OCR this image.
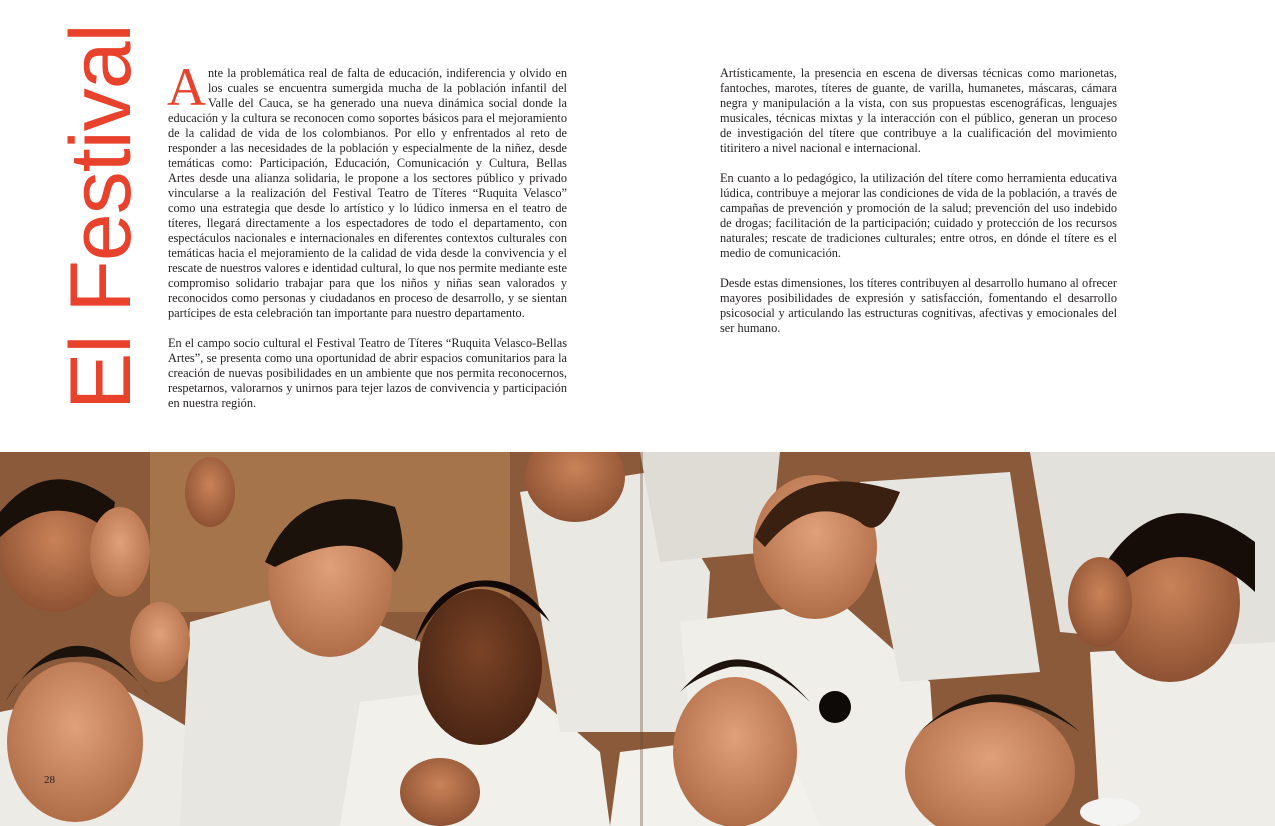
El Festival Ante la problemática real de falta de educación, indiferencia y olvido en los cuales se encuentra sumergida mucha de la población infantil del Valle del Cauca, se ha generado una nueva dinámica social donde la educación y la cultura se reconocen como soportes básicos para el mejoramiento de la calidad de vida de los colombianos. Por ello y enfrentados al reto de responder a las necesidades de la población y especialmente de la niñez, desde temáticas como: Participación, Educación, Comunicación y Cultura, Bellas Artes desde una alianza solidaria, le propone a los sectores público y privado vincularse a la realización del Festival Teatro de Títeres “Ruquita Velasco” como una estrategia que desde lo artístico y lo lúdico inmersa en el teatro de títeres, llegará directamente a los espectadores de todo el departamento, con espectáculos nacionales e internacionales en diferentes contextos culturales con temáticas hacia el mejoramiento de la calidad de vida desde la convivencia y el rescate de nuestros valores e identidad cultural, lo que nos permite mediante este compromiso solidario trabajar para que los niños y niñas sean valorados y reconocidos como personas y ciudadanos en proceso de desarrollo, y se sientan partícipes de esta celebración tan importante para nuestro departamento.

En el campo socio cultural el Festival Teatro de Títeres “Ruquita Velasco-Bellas Artes”, se presenta como una oportunidad de abrir espacios comunitarios para la creación de nuevas posibilidades en un ambiente que nos permita reconocernos, respetarnos, valorarnos y unirnos para tejer lazos de convivencia y participación en nuestra región.

Artísticamente, la presencia en escena de diversas técnicas como marionetas, fantoches, marotes, títeres de guante, de varilla, humanetes, máscaras, cámara negra y manipulación a la vista, con sus propuestas escenográficas, lenguajes musicales, técnicas mixtas y la interacción con el público, generan un proceso de investigación del títere que contribuye a la cualificación del movimiento titiritero a nivel nacional e internacional.

En cuanto a lo pedagógico, la utilización del títere como herramienta educativa lúdica, contribuye a mejorar las condiciones de vida de la población, a través de campañas de prevención y promoción de la salud; prevención del uso indebido de drogas; facilitación de la participación; cuidado y protección de los recursos naturales; rescate de tradiciones culturales; entre otros, en dónde el títere es el medio de comunicación.

Desde estas dimensiones, los títeres contribuyen al desarrollo humano al ofrecer mayores posibilidades de expresión y satisfacción, fomentando el desarrollo psicosocial y articulando las estructuras cognitivas, afectivas y emocionales del ser humano.

28
